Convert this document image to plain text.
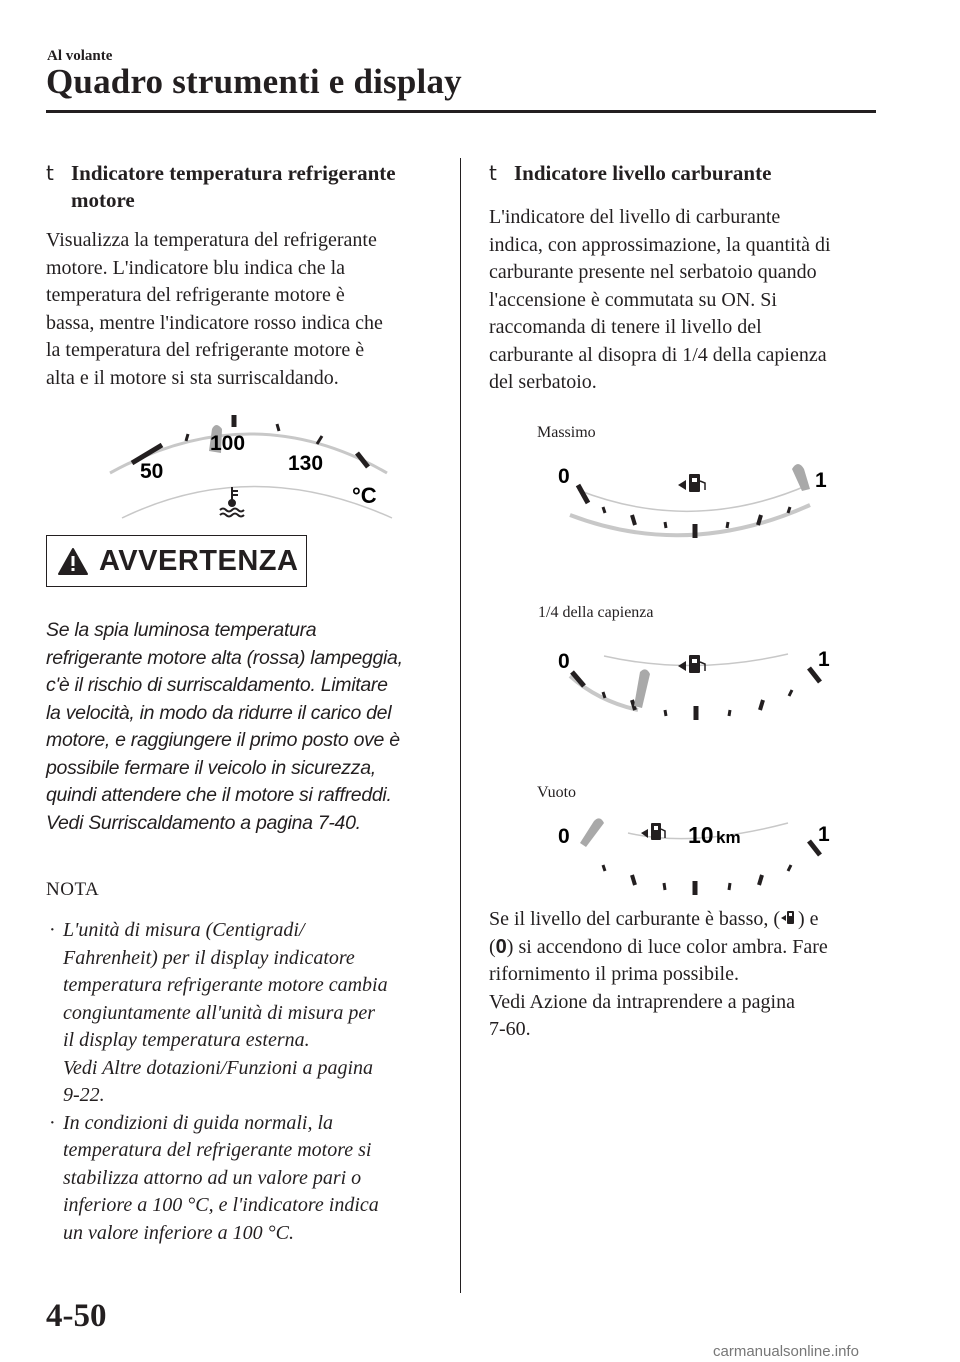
Al volante
Quadro strumenti e display
t Indicatore temperatura refrigerante
motore

Visualizza la temperatura del refrigerante

motore. L'indicatore blu indica che la

temperatura del refrigerante motore è

bassa, mentre l'indicatore rosso indica che

la temperatura del refrigerante motore è

alta e il motore si sta surriscaldando.

50
100
130
°C
AVVERTENZA
Se la spia luminosa temperatura
refrigerante motore alta (rossa) lampeggia,
c'è il rischio di surriscaldamento. Limitare
la velocità, in modo da ridurre il carico del
motore, e raggiungere il primo posto ove è
possibile fermare il veicolo in sicurezza,
quindi attendere che il motore si raffreddi.
Vedi Surriscaldamento a pagina 7-40.
NOTA
· L'unità di misura (Centigradi/
Fahrenheit) per il display indicatore
temperatura refrigerante motore cambia
congiuntamente all'unità di misura per
il display temperatura esterna.
Vedi Altre dotazioni/Funzioni a pagina
9-22.
· In condizioni di guida normali, la
temperatura del refrigerante motore si
stabilizza attorno ad un valore pari o
inferiore a 100 °C, e l'indicatore indica
un valore inferiore a 100 °C.
t Indicatore livello carburante

L'indicatore del livello di carburante

indica, con approssimazione, la quantità di

carburante presente nel serbatoio quando

l'accensione è commutata su ON. Si

raccomanda di tenere il livello del

carburante al disopra di 1/4 della capienza

del serbatoio.

Massimo
0	1
1/4 della capienza
0	1
Vuoto
0	1
10 km

Se il livello del carburante è basso, ( ) e

(0) si accendono di luce color ambra. Fare

rifornimento il prima possibile.

Vedi Azione da intraprendere a pagina

7-60.

4-50
carmanualsonline.info
